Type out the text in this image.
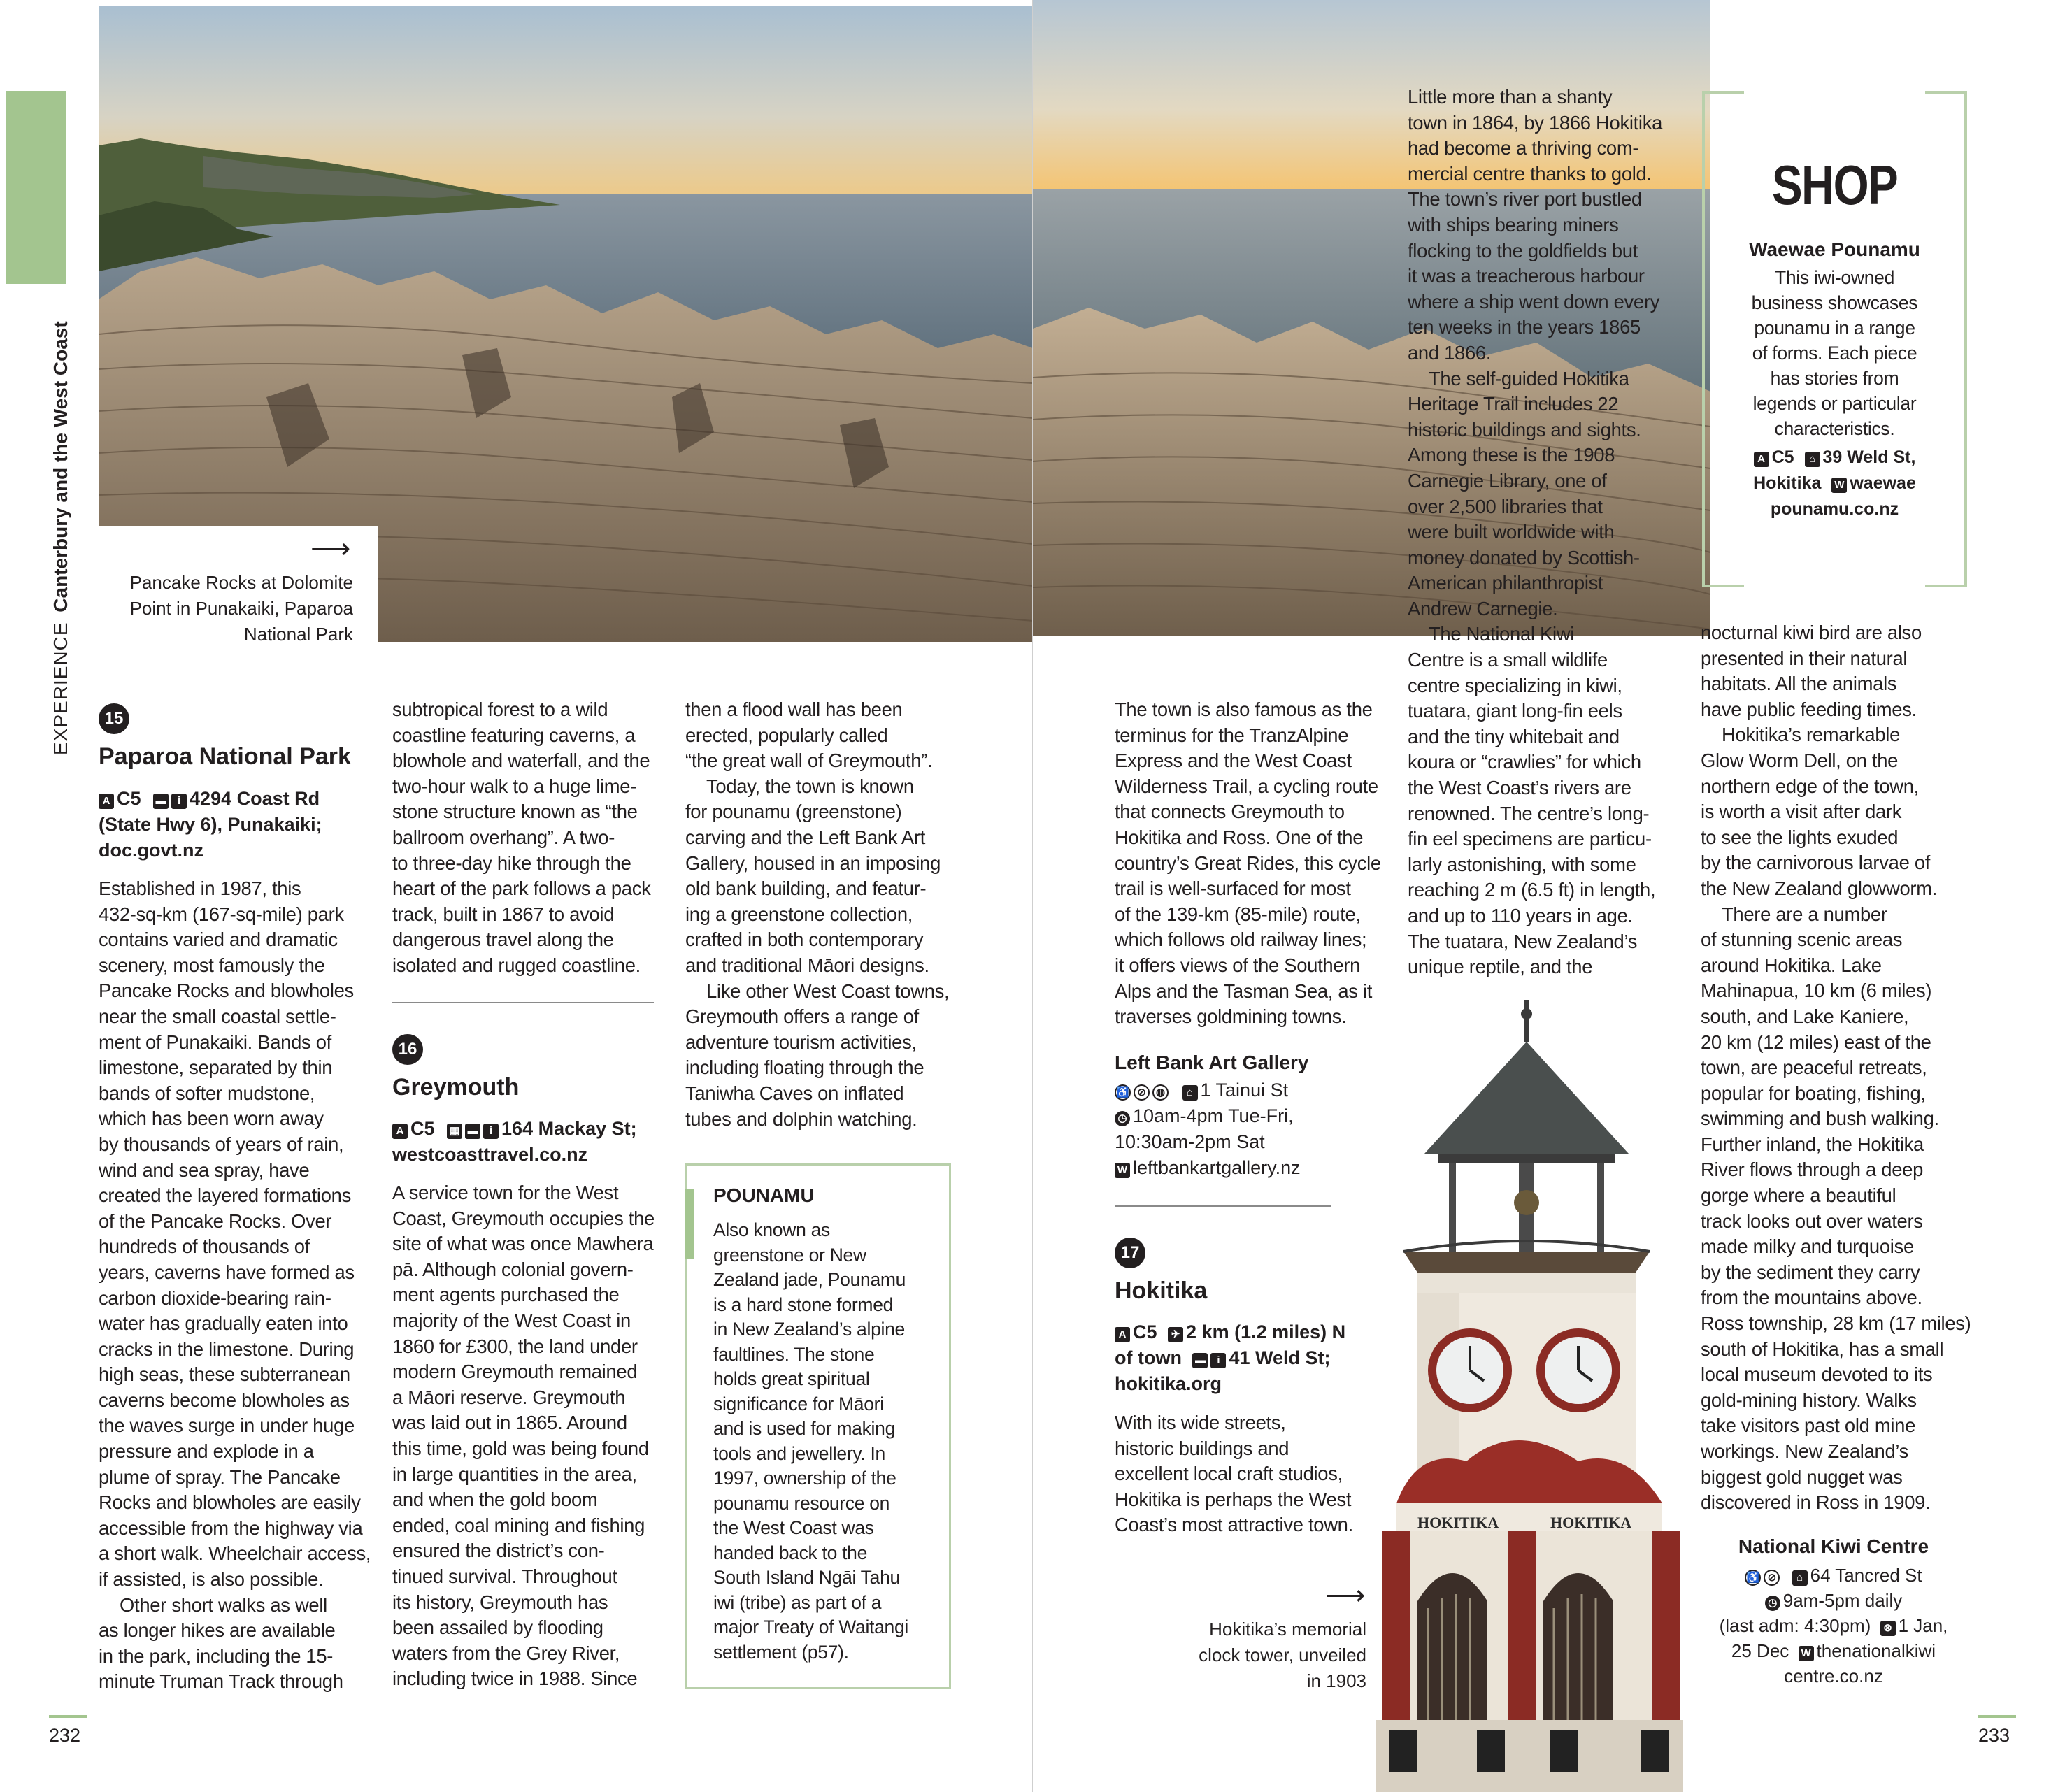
EXPERIENCE Canterbury and the West Coast	⟶
Pancake Rocks at Dolomite Point in Punakaiki, Paparoa National Park
15
Paparoa National Park
A C5 ▬ i 4294 Coast Rd
(State Hwy 6), Punakaiki;
doc.govt.nz
Established in 1987, this
432-sq-km (167-sq-mile) park
contains varied and dramatic
scenery, most famously the
Pancake Rocks and blowholes
near the small coastal settle-
ment of Punakaiki. Bands of
limestone, separated by thin
bands of softer mudstone,
which has been worn away
by thousands of years of rain,
wind and sea spray, have
created the layered formations
of the Pancake Rocks. Over
hundreds of thousands of
years, caverns have formed as
carbon dioxide-bearing rain-
water has gradually eaten into
cracks in the limestone. During
high seas, these subterranean
caverns become blowholes as
the waves surge in under huge
pressure and explode in a
plume of spray. The Pancake
Rocks and blowholes are easily
accessible from the highway via
a short walk. Wheelchair access,
if assisted, is also possible.
Other short walks as well
as longer hikes are available
in the park, including the 15-
minute Truman Track through
subtropical forest to a wild
coastline featuring caverns, a
blowhole and waterfall, and the
two-hour walk to a huge lime-
stone structure known as “the
ballroom overhang”. A two-
to three-day hike through the
heart of the park follows a pack
track, built in 1867 to avoid
dangerous travel along the
isolated and rugged coastline.
16
Greymouth
A C5 ▦ ▬ i 164 Mackay St;
westcoasttravel.co.nz
A service town for the West
Coast, Greymouth occupies the
site of what was once Mawhera
pā. Although colonial govern-
ment agents purchased the
majority of the West Coast in
1860 for £300, the land under
modern Greymouth remained
a Māori reserve. Greymouth
was laid out in 1865. Around
this time, gold was being found
in large quantities in the area,
and when the gold boom
ended, coal mining and fishing
ensured the district’s con-
tinued survival. Throughout
its history, Greymouth has
been assailed by flooding
waters from the Grey River,
including twice in 1988. Since
then a flood wall has been
erected, popularly called
“the great wall of Greymouth”.
Today, the town is known
for pounamu (greenstone)
carving and the Left Bank Art
Gallery, housed in an imposing
old bank building, and featur-
ing a greenstone collection,
crafted in both contemporary
and traditional Māori designs.
Like other West Coast towns,
Greymouth offers a range of
adventure tourism activities,
including floating through the
Taniwha Caves on inflated
tubes and dolphin watching.
POUNAMU
Also known as
greenstone or New
Zealand jade, Pounamu
is a hard stone formed
in New Zealand’s alpine
faultlines. The stone
holds great spiritual
significance for Māori
and is used for making
tools and jewellery. In
1997, ownership of the
pounamu resource on
the West Coast was
handed back to the
South Island Ngāi Tahu
iwi (tribe) as part of a
major Treaty of Waitangi
settlement (p57).
232
The town is also famous as the
terminus for the TranzAlpine
Express and the West Coast
Wilderness Trail, a cycling route
that connects Greymouth to
Hokitika and Ross. One of the
country’s Great Rides, this cycle
trail is well-surfaced for most
of the 139-km (85-mile) route,
which follows old railway lines;
it offers views of the Southern
Alps and the Tasman Sea, as it
traverses goldmining towns.
Left Bank Art Gallery
♿ ⊘ ◍ ⌂ 1 Tainui St
◷ 10am-4pm Tue-Fri,
10:30am-2pm Sat
W leftbankartgallery.nz
17
Hokitika
A C5 ✈ 2 km (1.2 miles) N
of town ▬ i 41 Weld St;
hokitika.org
With its wide streets,
historic buildings and
excellent local craft studios,
Hokitika is perhaps the West
Coast’s most attractive town.
⟶
Hokitika’s memorial clock tower, unveiled in 1903
HOKITIKA	HOKITIKA
Little more than a shanty
town in 1864, by 1866 Hokitika
had become a thriving com-
mercial centre thanks to gold.
The town’s river port bustled
with ships bearing miners
flocking to the goldfields but
it was a treacherous harbour
where a ship went down every
ten weeks in the years 1865
and 1866.
The self-guided Hokitika
Heritage Trail includes 22
historic buildings and sights.
Among these is the 1908
Carnegie Library, one of
over 2,500 libraries that
were built worldwide with
money donated by Scottish-
American philanthropist
Andrew Carnegie.
The National Kiwi
Centre is a small wildlife
centre specializing in kiwi,
tuatara, giant long-fin eels
and the tiny whitebait and
koura or “crawlies” for which
the West Coast’s rivers are
renowned. The centre’s long-
fin eel specimens are particu-
larly astonishing, with some
reaching 2 m (6.5 ft) in length,
and up to 110 years in age.
The tuatara, New Zealand’s
unique reptile, and the
SHOP
Waewae Pounamu
This iwi-owned
business showcases
pounamu in a range
of forms. Each piece
has stories from
legends or particular
characteristics.
A C5 ⌂ 39 Weld St,
Hokitika W waewae
pounamu.co.nz
nocturnal kiwi bird are also
presented in their natural
habitats. All the animals
have public feeding times.
Hokitika’s remarkable
Glow Worm Dell, on the
northern edge of the town,
is worth a visit after dark
to see the lights exuded
by the carnivorous larvae of
the New Zealand glowworm.
There are a number
of stunning scenic areas
around Hokitika. Lake
Mahinapua, 10 km (6 miles)
south, and Lake Kaniere,
20 km (12 miles) east of the
town, are peaceful retreats,
popular for boating, fishing,
swimming and bush walking.
Further inland, the Hokitika
River flows through a deep
gorge where a beautiful
track looks out over waters
made milky and turquoise
by the sediment they carry
from the mountains above.
Ross township, 28 km (17 miles)
south of Hokitika, has a small
local museum devoted to its
gold-mining history. Walks
take visitors past old mine
workings. New Zealand’s
biggest gold nugget was
discovered in Ross in 1909.
National Kiwi Centre
♿ ⊘ ⌂ 64 Tancred St
◷ 9am-5pm daily
(last adm: 4:30pm) ⊗ 1 Jan,
25 Dec W thenationalkiwi
centre.co.nz
233
